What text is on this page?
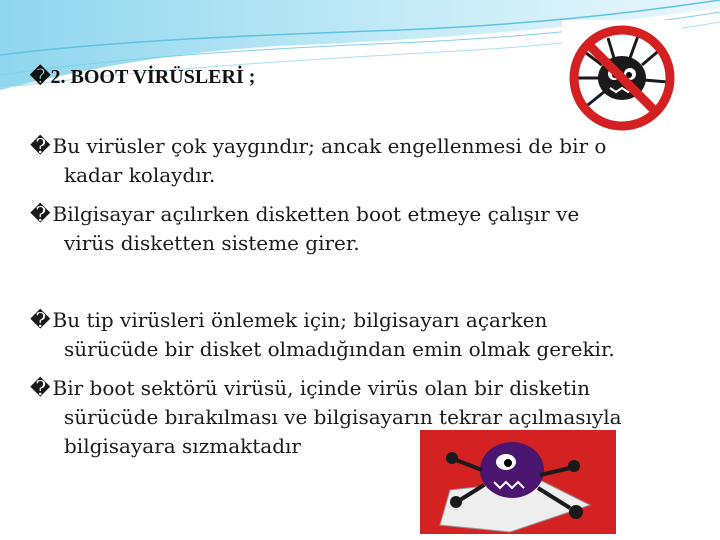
�2. BOOT VİRÜSLERİ ;
� Bu virüsler çok yaygındır; ancak engellenmesi de bir o
kadar kolaydır.
� Bilgisayar açılırken disketten boot etmeye çalışır ve
virüs disketten sisteme girer.
� Bu tip virüsleri önlemek için; bilgisayarı açarken
sürücüde bir disket olmadığından emin olmak gerekir.
� Bir boot sektörü virüsü, içinde virüs olan bir disketin
sürücüde bırakılması ve bilgisayarın tekrar açılmasıyla
bilgisayara sızmaktadır
